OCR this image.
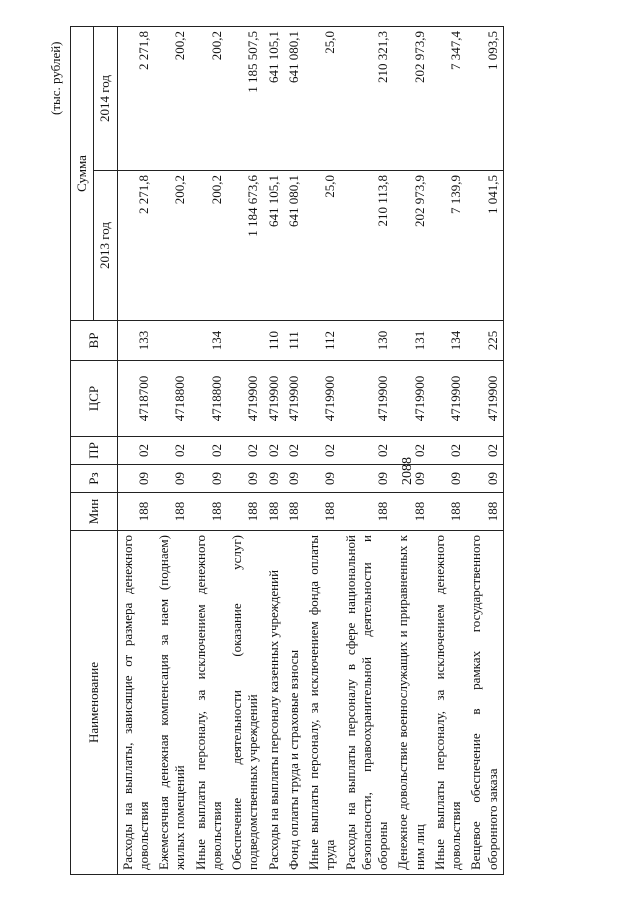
2088
(тыс. рублей)
Наименование	Мин	Рз	ПР	ЦСР	ВР	Сумма	
						2013 год	2014 год
Расходы на выплаты, зависящие от размера денежного довольствия	188	09	02	4718700	133	2 271,8	2 271,8
Ежемесячная денежная компенсация за наем (поднаем) жилых помещений	188	09	02	4718800		200,2	200,2
Иные выплаты персоналу, за исключением денежного довольствия	188	09	02	4718800	134	200,2	200,2
Обеспечение деятельности (оказание услуг) подведомственных учреждений	188	09	02	4719900		1 184 673,6	1 185 507,5
Расходы на выплаты персоналу казенных учреждений	188	09	02	4719900	110	641 105,1	641 105,1
Фонд оплаты труда и страховые взносы	188	09	02	4719900	111	641 080,1	641 080,1
Иные выплаты персоналу, за исключением фонда оплаты труда	188	09	02	4719900	112	25,0	25,0
Расходы на выплаты персоналу в сфере национальной безопасности, правоохранительной деятельности и обороны	188	09	02	4719900	130	210 113,8	210 321,3
Денежное довольствие военнослужащих и приравненных к ним лиц	188	09	02	4719900	131	202 973,9	202 973,9
Иные выплаты персоналу, за исключением денежного довольствия	188	09	02	4719900	134	7 139,9	7 347,4
Вещевое обеспечение в рамках государственного оборонного заказа	188	09	02	4719900	225	1 041,5	1 093,5
